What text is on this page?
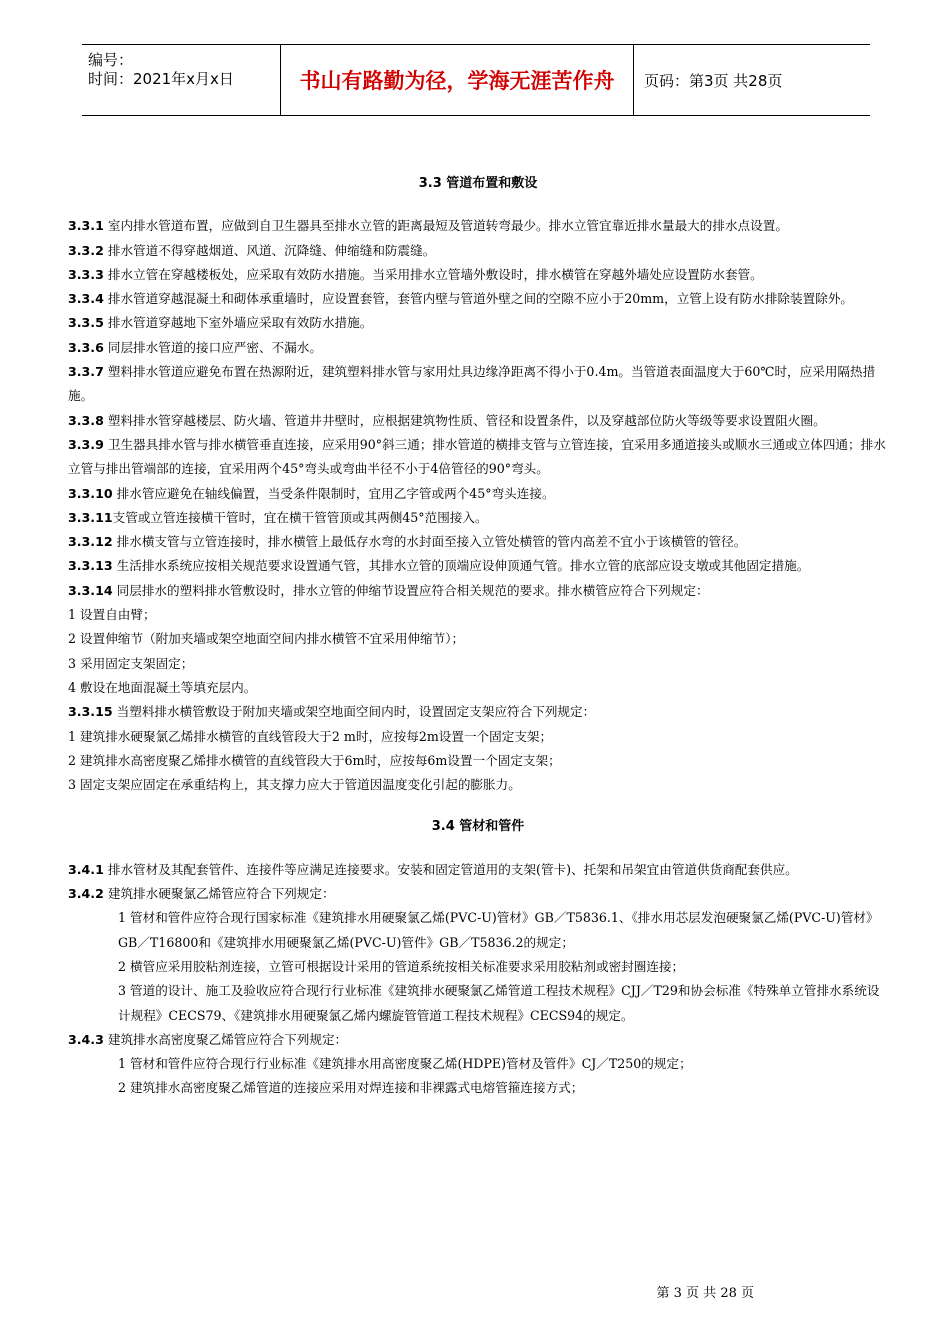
编号：
时间：2021年x月x日	书山有路勤为径，学海无涯苦作舟	页码：第3页 共28页
3.3 管道布置和敷设
3.3.1 室内排水管道布置，应做到自卫生器具至排水立管的距离最短及管道转弯最少。排水立管宜靠近排水量最大的排水点设置。
3.3.2 排水管道不得穿越烟道、风道、沉降缝、伸缩缝和防震缝。
3.3.3 排水立管在穿越楼板处，应采取有效防水措施。当采用排水立管墙外敷设时，排水横管在穿越外墙处应设置防水套管。
3.3.4 排水管道穿越混凝土和砌体承重墙时，应设置套管，套管内壁与管道外壁之间的空隙不应小于20mm，立管上设有防水排除装置除外。
3.3.5 排水管道穿越地下室外墙应采取有效防水措施。
3.3.6 同层排水管道的接口应严密、不漏水。
3.3.7 塑料排水管道应避免布置在热源附近，建筑塑料排水管与家用灶具边缘净距离不得小于0.4m。当管道表面温度大于60℃时，应采用隔热措施。
3.3.8 塑料排水管穿越楼层、防火墙、管道井井壁时，应根据建筑物性质、管径和设置条件，以及穿越部位防火等级等要求设置阻火圈。
3.3.9 卫生器具排水管与排水横管垂直连接，应采用90°斜三通；排水管道的横排支管与立管连接，宜采用多通道接头或顺水三通或立体四通；排水立管与排出管端部的连接，宜采用两个45°弯头或弯曲半径不小于4倍管径的90°弯头。
3.3.10 排水管应避免在轴线偏置，当受条件限制时，宜用乙字管或两个45°弯头连接。
3.3.11支管或立管连接横干管时，宜在横干管管顶或其两侧45°范围接入。
3.3.12 排水横支管与立管连接时，排水横管上最低存水弯的水封面至接入立管处横管的管内高差不宜小于该横管的管径。
3.3.13 生活排水系统应按相关规范要求设置通气管，其排水立管的顶端应设伸顶通气管。排水立管的底部应设支墩或其他固定措施。
3.3.14 同层排水的塑料排水管敷设时，排水立管的伸缩节设置应符合相关规范的要求。排水横管应符合下列规定：
1 设置自由臂；
2 设置伸缩节（附加夹墙或架空地面空间内排水横管不宜采用伸缩节）；
3 采用固定支架固定；
4 敷设在地面混凝土等填充层内。
3.3.15 当塑料排水横管敷设于附加夹墙或架空地面空间内时，设置固定支架应符合下列规定：
1 建筑排水硬聚氯乙烯排水横管的直线管段大于2 m时，应按每2m设置一个固定支架；
2 建筑排水高密度聚乙烯排水横管的直线管段大于6m时，应按每6m设置一个固定支架；
3 固定支架应固定在承重结构上，其支撑力应大于管道因温度变化引起的膨胀力。
3.4 管材和管件
3.4.1 排水管材及其配套管件、连接件等应满足连接要求。安装和固定管道用的支架(管卡)、托架和吊架宜由管道供货商配套供应。
3.4.2 建筑排水硬聚氯乙烯管应符合下列规定：
1 管材和管件应符合现行国家标准《建筑排水用硬聚氯乙烯(PVC-U)管材》GB／T5836.1、《排水用芯层发泡硬聚氯乙烯(PVC-U)管材》GB／T16800和《建筑排水用硬聚氯乙烯(PVC-U)管件》GB／T5836.2的规定；
2 横管应采用胶粘剂连接，立管可根据设计采用的管道系统按相关标准要求采用胶粘剂或密封圈连接；
3 管道的设计、施工及验收应符合现行行业标准《建筑排水硬聚氯乙烯管道工程技术规程》CJJ／T29和协会标准《特殊单立管排水系统设计规程》CECS79、《建筑排水用硬聚氯乙烯内螺旋管管道工程技术规程》CECS94的规定。
3.4.3 建筑排水高密度聚乙烯管应符合下列规定：
1 管材和管件应符合现行行业标准《建筑排水用高密度聚乙烯(HDPE)管材及管件》CJ／T250的规定；
2 建筑排水高密度聚乙烯管道的连接应采用对焊连接和非裸露式电熔管箍连接方式；
第 3 页 共 28 页
